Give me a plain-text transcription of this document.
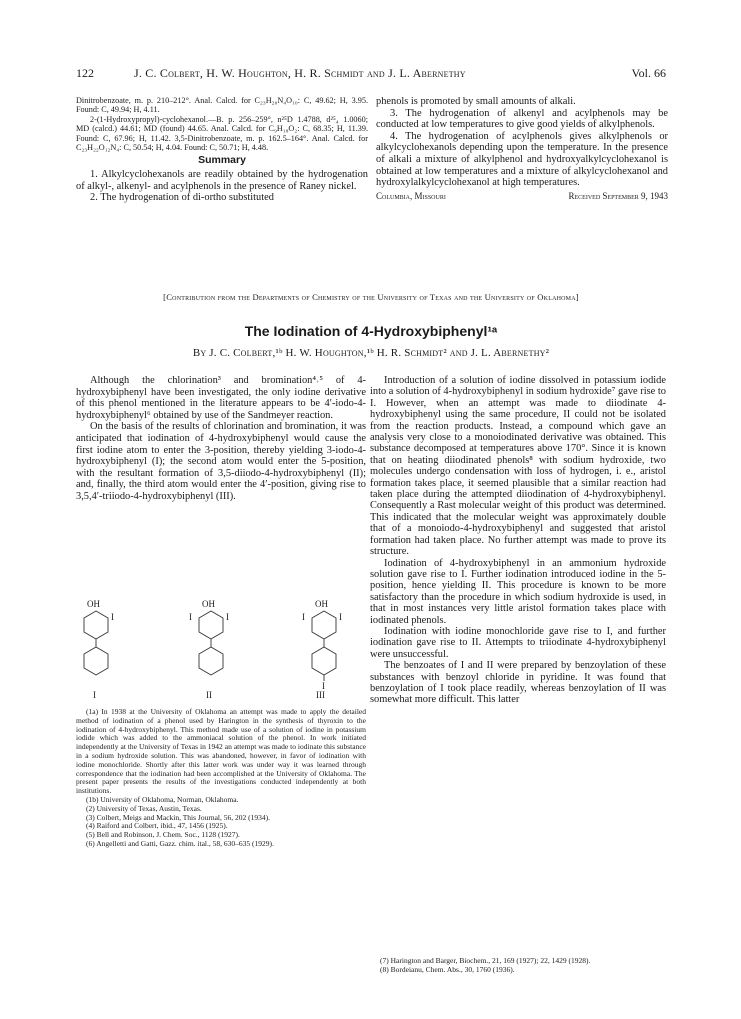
122	J. C. Colbert, H. W. Houghton, H. R. Schmidt and J. L. Abernethy	Vol. 66

Dinitrobenzoate, m. p. 210–212°. Anal. Calcd. for C₂₃H₂₀N₄O₁₀: C, 49.62; H, 3.95. Found: C, 49.94; H, 4.11.

2-(1-Hydroxypropyl)-cyclohexanol.—B. p. 256–259°, n²⁵D 1.4788, d²⁵₄ 1.0060; MD (calcd.) 44.61; MD (found) 44.65. Anal. Calcd. for C₉H₁₈O₂: C, 68.35; H, 11.39. Found: C, 67.96; H, 11.42. 3,5-Dinitrobenzoate, m. p. 162.5–164°. Anal. Calcd. for C₂₃H₂₂O₁₂N₄: C, 50.54; H, 4.04. Found: C, 50.71; H, 4.48.

Summary

1. Alkylcyclohexanols are readily obtained by the hydrogenation of alkyl-, alkenyl- and acylphenols in the presence of Raney nickel.

2. The hydrogenation of di-ortho substituted

phenols is promoted by small amounts of alkali.

3. The hydrogenation of alkenyl and acylphenols may be conducted at low temperatures to give good yields of alkylphenols.

4. The hydrogenation of acylphenols gives alkylphenols or alkylcyclohexanols depending upon the temperature. In the presence of alkali a mixture of alkylphenol and hydroxyalkylcyclohexanol is obtained at low temperatures and a mixture of alkylcyclohexanol and hydroxylalkylcyclohexanol at high temperatures.

Columbia, Missouri	Received September 9, 1943

[Contribution from the Departments of Chemistry of the University of Texas and the University of Oklahoma]
The Iodination of 4-Hydroxybiphenyl¹ᵃ
By J. C. Colbert,¹ᵇ H. W. Houghton,¹ᵇ H. R. Schmidt² and J. L. Abernethy²

Although the chlorination³ and bromination⁴˒⁵ of 4-hydroxybiphenyl have been investigated, the only iodine derivative of this phenol mentioned in the literature appears to be 4′-iodo-4-hydroxybiphenyl⁶ obtained by use of the Sandmeyer reaction.

On the basis of the results of chlorination and bromination, it was anticipated that iodination of 4-hydroxybiphenyl would cause the first iodine atom to enter the 3-position, thereby yielding 3-iodo-4-hydroxybiphenyl (I); the second atom would enter the 5-position, with the resultant formation of 3,5-diiodo-4-hydroxybiphenyl (II); and, finally, the third atom would enter the 4′-position, giving rise to 3,5,4′-triiodo-4-hydroxybiphenyl (III).

OH
I
OH
I	I
OH
I	I
I
I	II	III

(1a) In 1938 at the University of Oklahoma an attempt was made to apply the detailed method of iodination of a phenol used by Harington in the synthesis of thyroxin to the iodination of 4-hydroxybiphenyl. This method made use of a solution of iodine in potassium iodide which was added to the ammoniacal solution of the phenol. In work initiated independently at the University of Texas in 1942 an attempt was made to iodinate this substance in a sodium hydroxide solution. This was abandoned, however, in favor of iodination with iodine monochloride. Shortly after this latter work was under way it was learned through correspondence that the iodination had been accomplished at the University of Oklahoma. The present paper presents the results of the investigations conducted independently at both institutions.

(1b) University of Oklahoma, Norman, Oklahoma.

(2) University of Texas, Austin, Texas.

(3) Colbert, Meigs and Mackin, This Journal, 56, 202 (1934).

(4) Raiford and Colbert, ibid., 47, 1456 (1925).

(5) Bell and Robinson, J. Chem. Soc., 1128 (1927).

(6) Angelletti and Gatti, Gazz. chim. ital., 58, 630–635 (1929).

Introduction of a solution of iodine dissolved in potassium iodide into a solution of 4-hydroxybiphenyl in sodium hydroxide⁷ gave rise to I. However, when an attempt was made to diiodinate 4-hydroxybiphenyl using the same procedure, II could not be isolated from the reaction products. Instead, a compound which gave an analysis very close to a monoiodinated derivative was obtained. This substance decomposed at temperatures above 170°. Since it is known that on heating diiodinated phenols⁸ with sodium hydroxide, two molecules undergo condensation with loss of hydrogen, i. e., aristol formation takes place, it seemed plausible that a similar reaction had taken place during the attempted diiodination of 4-hydroxybiphenyl. Consequently a Rast molecular weight of this product was determined. This indicated that the molecular weight was approximately double that of a monoiodo-4-hydroxybiphenyl and suggested that aristol formation had taken place. No further attempt was made to prove its structure.

Iodination of 4-hydroxybiphenyl in an ammonium hydroxide solution gave rise to I. Further iodination introduced iodine in the 5-position, hence yielding II. This procedure is known to be more satisfactory than the procedure in which sodium hydroxide is used, in that in most instances very little aristol formation takes place with iodinated phenols.

Iodination with iodine monochloride gave rise to I, and further iodination gave rise to II. Attempts to triiodinate 4-hydroxybiphenyl were unsuccessful.

The benzoates of I and II were prepared by benzoylation of these substances with benzoyl chloride in pyridine. It was found that benzoylation of I took place readily, whereas benzoylation of II was somewhat more difficult. This latter

(7) Harington and Barger, Biochem., 21, 169 (1927); 22, 1429 (1928).

(8) Bordeianu, Chem. Abs., 30, 1760 (1936).
